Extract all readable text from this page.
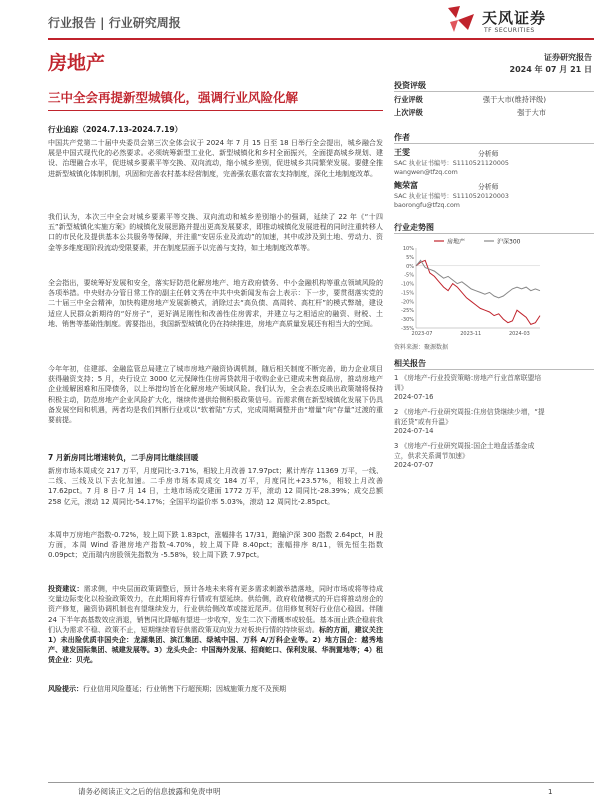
行业报告 | 行业研究周报	天风证券
TF SECURITIES
房地产	证券研究报告
2024 年 07 月 21 日
三中全会再提新型城镇化，强调行业风险化解
行业追踪（2024.7.13-2024.7.19）
中国共产党第二十届中央委员会第三次全体会议于 2024 年 7 月 15 日至 18 日举行全会提出，城乡融合发展是中国式现代化的必然要求。必须统筹新型工业化、新型城镇化和乡村全面振兴，全面提高城乡规划、建设、治理融合水平，促进城乡要素平等交换、双向流动，缩小城乡差别，促进城乡共同繁荣发展。要健全推进新型城镇化体制机制，巩固和完善农村基本经营制度，完善强农惠农富农支持制度，深化土地制度改革。
我们认为，本次三中全会对城乡要素平等交换、双向流动和城乡差别缩小的强调，延续了 22 年《“十四五”新型城镇化实施方案》的城镇化发展思路并提出更高发展要求，即推动城镇化发展进程的同时注重转移人口的市民化及提供基本公共服务等保障，并注重“安居乐业及流动”的加速，其中或涉及到土地、劳动力、资金等多维度现阶段流动受限要素，并在制度层面予以完善与支持，如土地制度改革等。
全会指出，要统筹好发展和安全，落实好防范化解房地产、地方政府债务、中小金融机构等重点领域风险的各项举措。中央财办分管日常工作的副主任韩文秀在中共中央新闻发布会上表示：下一步，要贯彻落实党的二十届三中全会精神，加快构建房地产发展新模式，消除过去“高负债、高周转、高杠杆”的模式弊端，建设适应人民群众新期待的“好房子”，更好满足刚性和改善性住房需求，并建立与之相适应的融资、财税、土地、销售等基础性制度。需要指出，我国新型城镇化仍在持续推进，房地产高质量发展还有相当大的空间。
今年年初，住建部、金融监管总局建立了城市房地产融资协调机制，随后相关制度不断完善，助力企业项目获得融资支持；5 月，央行设立 3000 亿元保障性住房再贷款用于收购企业已建成未售商品房，推动房地产企业缓解困难和压降债务，以上举措均旨在化解房地产领域风险。我们认为，全会表态反映出政策端将保持积极主动，防范房地产企业风险扩大化，继续传递供给侧积极政策信号。而需求侧在新型城镇化发展下仍具备发展空间和机遇，两者均是我们判断行业或以“软着陆”方式，完成周期调整并由“增量”向“存量”过渡的重要前提。
7 月新房同比增速转负，二手房同比继续回暖
新房市场本周成交 217 万平，月度同比-3.71%，相较上月改善 17.97pct；累计库存 11369 万平，一线、二线、三线及以下去化加速。二手房市场本周成交 184 万平，月度同比+23.57%，相较上月改善 17.62pct。7 月 8 日-7 月 14 日，土地市场成交建面 1772 万平，滚动 12 周同比-28.39%；成交总额 258 亿元，滚动 12 周同比-54.17%；全国平均溢价率 5.03%，滚动 12 周同比-2.85pct。
本周申万房地产指数-0.72%，较上周下跌 1.83pct，涨幅排名 17/31，跑输沪深 300 指数 2.64pct，H 股方面，本周 Wind 香港房地产指数-4.70%，较上周下降 8.40pct；涨幅排序 8/11，领先恒生指数 0.09pct；克而瑞内房股领先指数为 -5.58%，较上周下跌 7.97pct。
投资建议：需求侧，中央层面政策调整后，预计各地未来将有更多需求刺激举措落地，同时市场或将等待成交量边际变化以检验政策效力，在此期间将弃行情或有望延续。供给侧，政府收储模式的开启将推动房企的资产修复，融资协调机制也有望继续发力，行业供给侧改革或接近尾声。信用修复利好行业信心稳固。伴随 24 下半年高基数效应消退，销售同比降幅有望进一步收窄，发生二次下滑概率或较低。基本面止跌企稳前我们认为需求不稳、政策不止，短期继续看好供需政策双向发力对板块行情的持续驱动。标的方面，建议关注 1）未出险优质非国央企：龙湖集团、滨江集团、绿城中国、万科 A/万科企业等。2）地方国企：越秀地产、建发国际集团、城建发展等。3）龙头央企：中国海外发展、招商蛇口、保利发展、华润置地等；4）租赁企业：贝壳。
风险提示：行业信用风险蔓延；行业销售下行超预期；因城施策力度不及预期
投资评级
行业评级	强于大市(维持评级)
上次评级	强于大市
作者
王雯	分析师
SAC 执业证书编号：S1110521120005
wangwen@tfzq.com
鲍荣富	分析师
SAC 执业证书编号：S1110520120003
baorongfu@tfzq.com
行业走势图
房地产	沪深300
10%
5%
0%
-5%
-10%
-15%
-20%
-25%
-30%
-35%
2023-07	2023-11	2024-03
资料来源：聚源数据
相关报告
1 《房地产-行业投资策略:房地产行业首席联盟培训》
2024-07-16
2 《房地产-行业研究周报:住房信贷继续少增，“提前还贷”或有升温》
2024-07-14
3 《房地产-行业研究周报:国企土地盘活基金成立，供求关系调节加速》
2024-07-07
请务必阅读正文之后的信息披露和免责申明	1
